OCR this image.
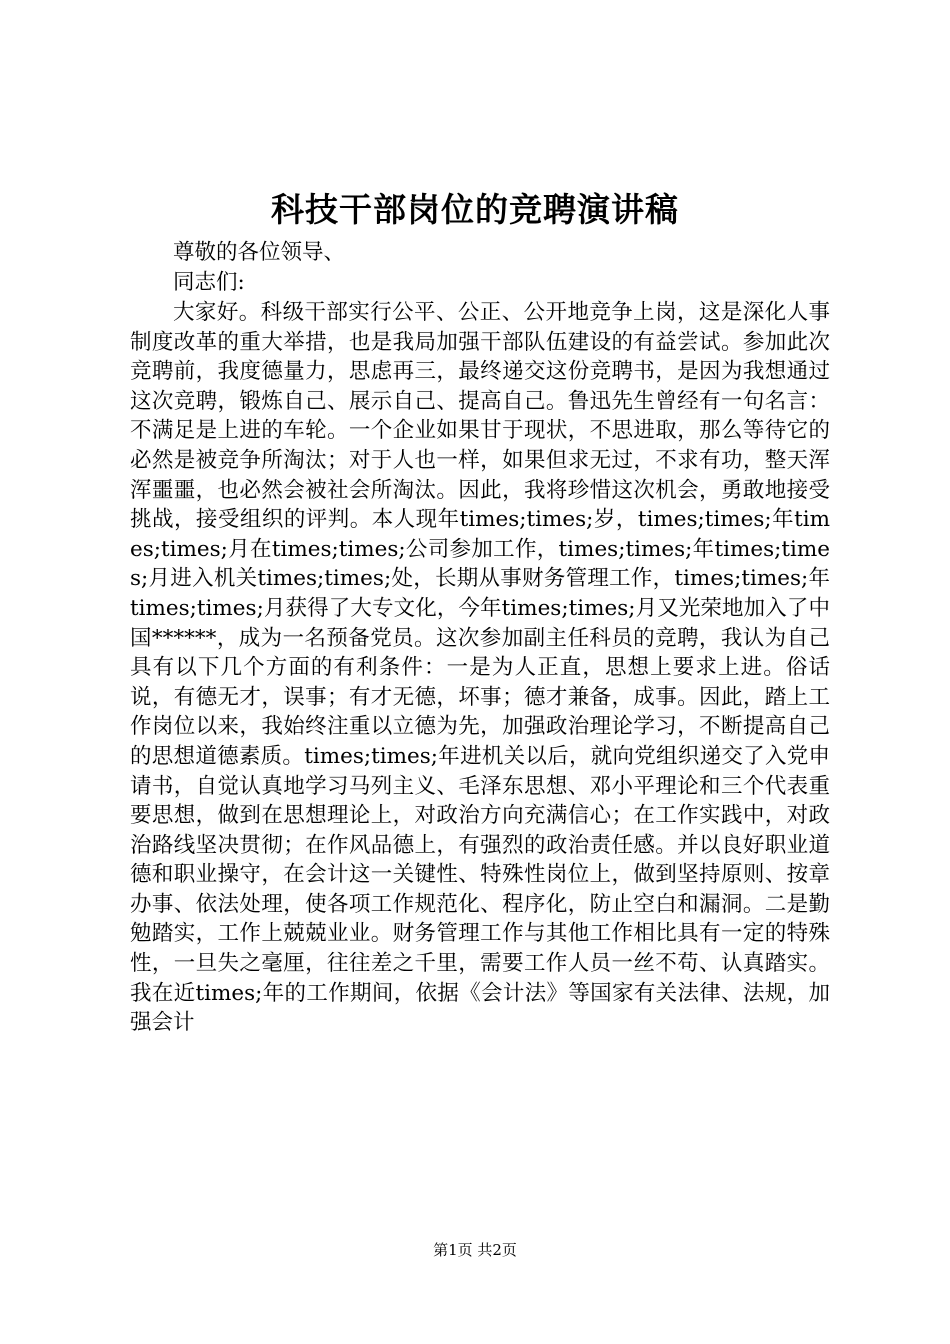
科技干部岗位的竞聘演讲稿
尊敬的各位领导、
同志们:
大家好。科级干部实行公平、公正、公开地竞争上岗，这是深化人事制度改革的重大举措，也是我局加强干部队伍建设的有益尝试。参加此次竞聘前，我度德量力，思虑再三，最终递交这份竞聘书，是因为我想通过这次竞聘，锻炼自己、展示自己、提高自己。鲁迅先生曾经有一句名言：不满足是上进的车轮。一个企业如果甘于现状，不思进取，那么等待它的必然是被竞争所淘汰；对于人也一样，如果但求无过，不求有功，整天浑浑噩噩，也必然会被社会所淘汰。因此，我将珍惜这次机会，勇敢地接受挑战，接受组织的评判。本人现年times;times;岁，times;times;年times;times;月在times;times;公司参加工作，times;times;年times;times;月进入机关times;times;处，长期从事财务管理工作，times;times;年times;times;月获得了大专文化，今年times;times;月又光荣地加入了中国******，成为一名预备党员。这次参加副主任科员的竞聘，我认为自己具有以下几个方面的有利条件：一是为人正直，思想上要求上进。俗话说，有德无才，误事；有才无德，坏事；德才兼备，成事。因此，踏上工作岗位以来，我始终注重以立德为先，加强政治理论学习，不断提高自己的思想道德素质。times;times;年进机关以后，就向党组织递交了入党申请书，自觉认真地学习马列主义、毛泽东思想、邓小平理论和三个代表重要思想，做到在思想理论上，对政治方向充满信心；在工作实践中，对政治路线坚决贯彻；在作风品德上，有强烈的政治责任感。并以良好职业道德和职业操守，在会计这一关键性、特殊性岗位上，做到坚持原则、按章办事、依法处理，使各项工作规范化、程序化，防止空白和漏洞。二是勤勉踏实，工作上兢兢业业。财务管理工作与其他工作相比具有一定的特殊性，一旦失之毫厘，往往差之千里，需要工作人员一丝不苟、认真踏实。我在近times;年的工作期间，依据《会计法》等国家有关法律、法规，加强会计
第1页 共2页
